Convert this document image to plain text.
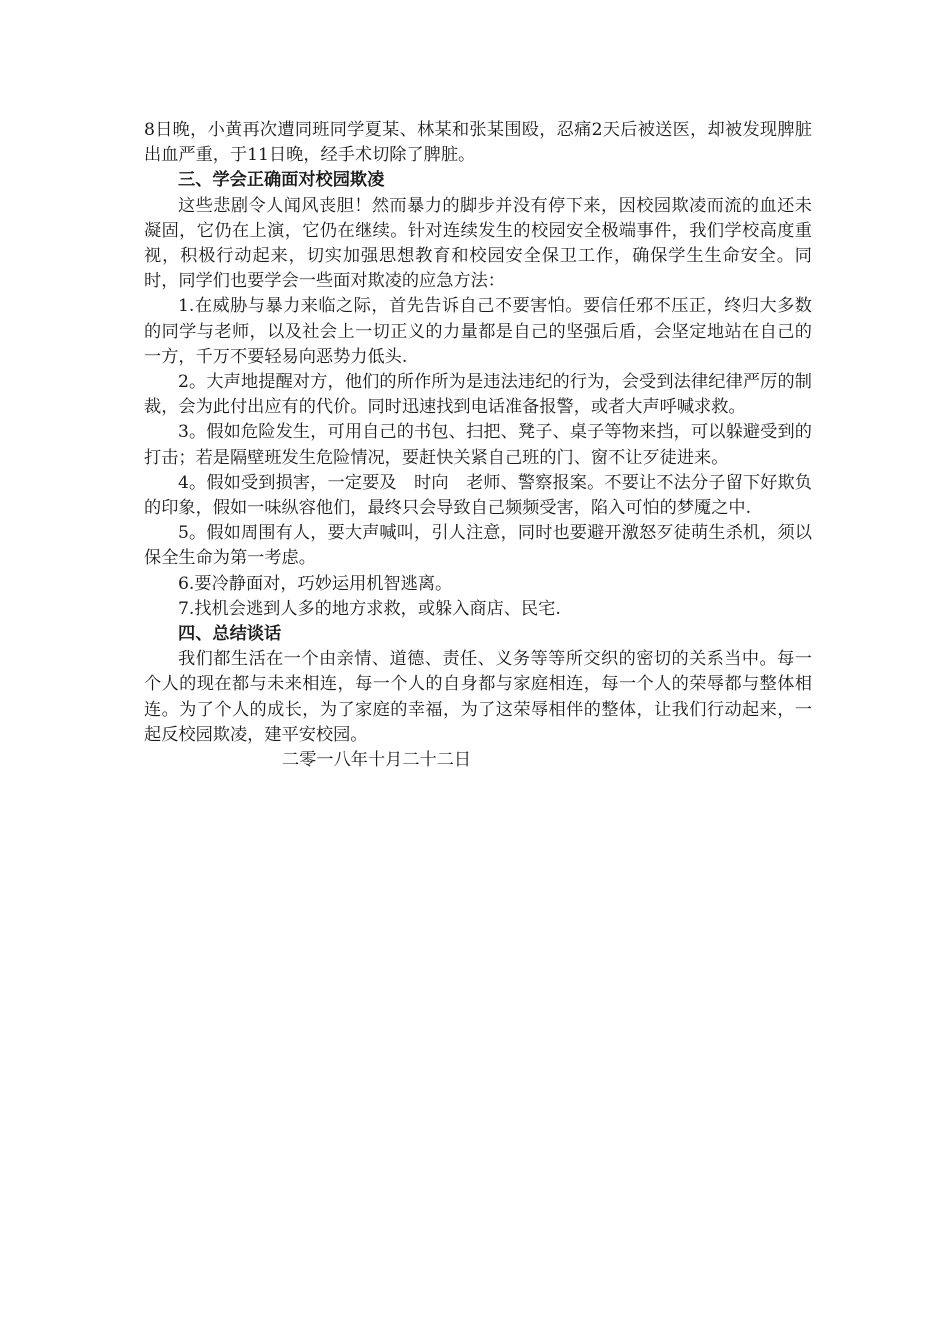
8日晚，小黄再次遭同班同学夏某、林某和张某围殴，忍痛2天后被送医，却被发现脾脏出血严重，于11日晚，经手术切除了脾脏。

三、学会正确面对校园欺凌

这些悲剧令人闻风丧胆！然而暴力的脚步并没有停下来，因校园欺凌而流的血还未凝固，它仍在上演，它仍在继续。针对连续发生的校园安全极端事件，我们学校高度重视，积极行动起来，切实加强思想教育和校园安全保卫工作，确保学生生命安全。同时，同学们也要学会一些面对欺凌的应急方法：

1.在威胁与暴力来临之际，首先告诉自己不要害怕。要信任邪不压正，终归大多数的同学与老师，以及社会上一切正义的力量都是自己的坚强后盾，会坚定地站在自己的一方，千万不要轻易向恶势力低头.

2。大声地提醒对方，他们的所作所为是违法违纪的行为，会受到法律纪律严厉的制裁，会为此付出应有的代价。同时迅速找到电话准备报警，或者大声呼喊求救。

3。假如危险发生，可用自己的书包、扫把、凳子、桌子等物来挡，可以躲避受到的打击；若是隔壁班发生危险情况，要赶快关紧自己班的门、窗不让歹徒进来。

4。假如受到损害，一定要及　时向　老师、警察报案。不要让不法分子留下好欺负的印象，假如一味纵容他们，最终只会导致自己频频受害，陷入可怕的梦魇之中.

5。假如周围有人，要大声喊叫，引人注意，同时也要避开激怒歹徒萌生杀机，须以保全生命为第一考虑。

6.要冷静面对，巧妙运用机智逃离。

7.找机会逃到人多的地方求救，或躲入商店、民宅.

四、总结谈话

我们都生活在一个由亲情、道德、责任、义务等等所交织的密切的关系当中。每一个人的现在都与未来相连，每一个人的自身都与家庭相连，每一个人的荣辱都与整体相连。为了个人的成长，为了家庭的幸福，为了这荣辱相伴的整体，让我们行动起来，一起反校园欺凌，建平安校园。

二零一八年十月二十二日
